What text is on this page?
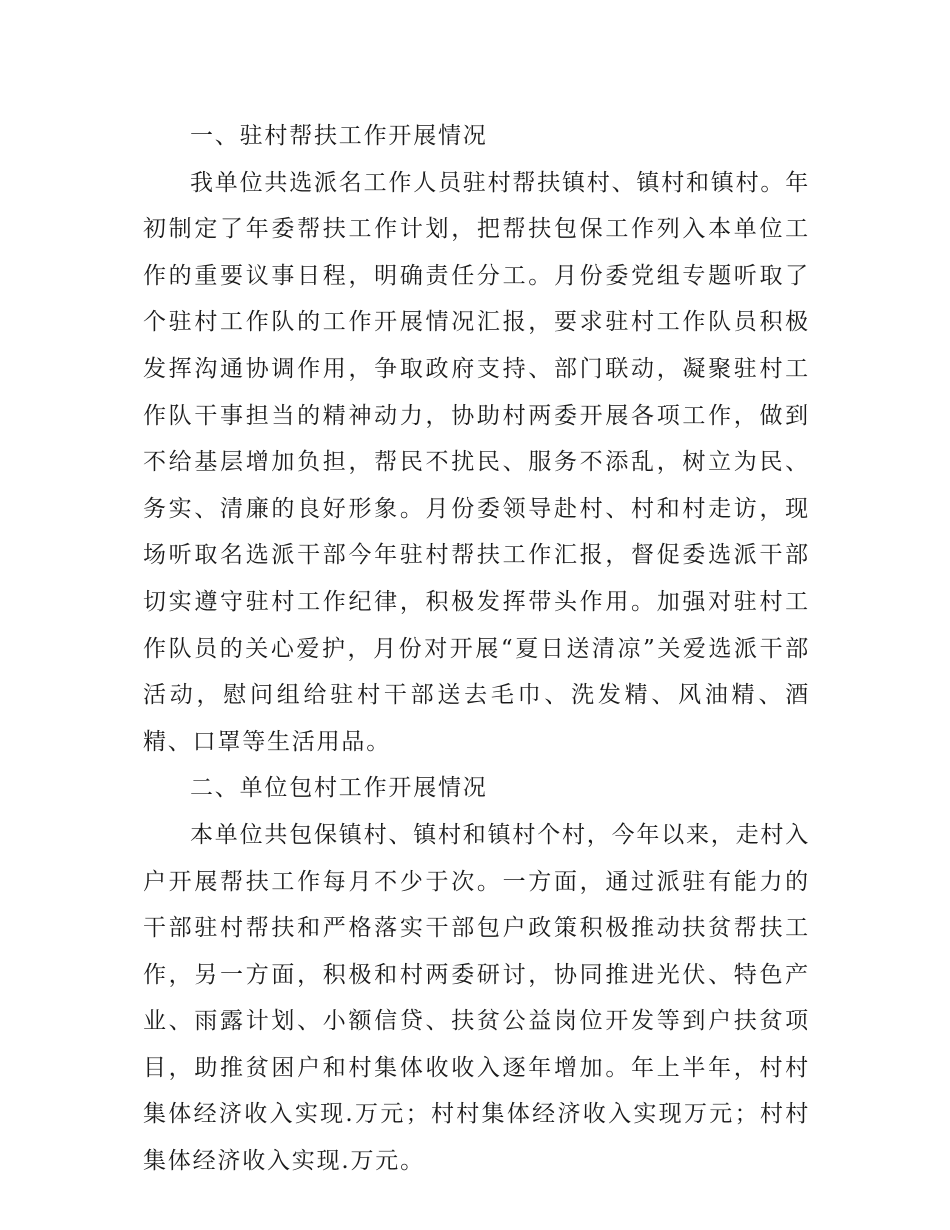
一、驻村帮扶工作开展情况

我单位共选派名工作人员驻村帮扶镇村、镇村和镇村。年初制定了年委帮扶工作计划，把帮扶包保工作列入本单位工作的重要议事日程，明确责任分工。月份委党组专题听取了个驻村工作队的工作开展情况汇报，要求驻村工作队员积极发挥沟通协调作用，争取政府支持、部门联动，凝聚驻村工作队干事担当的精神动力，协助村两委开展各项工作，做到不给基层增加负担，帮民不扰民、服务不添乱，树立为民、务实、清廉的良好形象。月份委领导赴村、村和村走访，现场听取名选派干部今年驻村帮扶工作汇报，督促委选派干部切实遵守驻村工作纪律，积极发挥带头作用。加强对驻村工作队员的关心爱护，月份对开展“夏日送清凉”关爱选派干部活动，慰问组给驻村干部送去毛巾、洗发精、风油精、酒精、口罩等生活用品。

二、单位包村工作开展情况

本单位共包保镇村、镇村和镇村个村，今年以来，走村入户开展帮扶工作每月不少于次。一方面，通过派驻有能力的干部驻村帮扶和严格落实干部包户政策积极推动扶贫帮扶工作，另一方面，积极和村两委研讨，协同推进光伏、特色产业、雨露计划、小额信贷、扶贫公益岗位开发等到户扶贫项目，助推贫困户和村集体收收入逐年增加。年上半年，村村集体经济收入实现.万元；村村集体经济收入实现万元；村村集体经济收入实现.万元。
